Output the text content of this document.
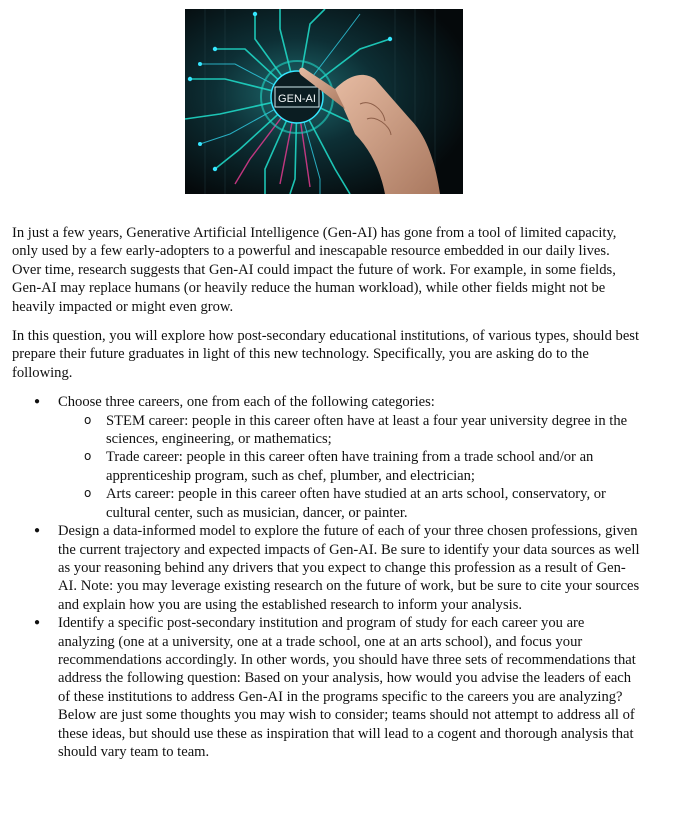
GEN-AI

In just a few years, Generative Artificial Intelligence (Gen-AI) has gone from a tool of limited capacity, only used by a few early-adopters to a powerful and inescapable resource embedded in our daily lives. Over time, research suggests that Gen-AI could impact the future of work. For example, in some fields, Gen-AI may replace humans (or heavily reduce the human workload), while other fields might not be heavily impacted or might even grow.

In this question, you will explore how post-secondary educational institutions, of various types, should best prepare their future graduates in light of this new technology. Specifically, you are asking do to the following.

● Choose three careers, one from each of the following categories:
o STEM career: people in this career often have at least a four year university degree in the sciences, engineering, or mathematics;
o Trade career: people in this career often have training from a trade school and/or an apprenticeship program, such as chef, plumber, and electrician;
o Arts career: people in this career often have studied at an arts school, conservatory, or cultural center, such as musician, dancer, or painter.
● Design a data-informed model to explore the future of each of your three chosen professions, given the current trajectory and expected impacts of Gen-AI. Be sure to identify your data sources as well as your reasoning behind any drivers that you expect to change this profession as a result of Gen-AI. Note: you may leverage existing research on the future of work, but be sure to cite your sources and explain how you are using the established research to inform your analysis.
● Identify a specific post-secondary institution and program of study for each career you are analyzing (one at a university, one at a trade school, one at an arts school), and focus your recommendations accordingly. In other words, you should have three sets of recommendations that address the following question: Based on your analysis, how would you advise the leaders of each of these institutions to address Gen-AI in the programs specific to the careers you are analyzing?
Below are just some thoughts you may wish to consider; teams should not attempt to address all of these ideas, but should use these as inspiration that will lead to a cogent and thorough analysis that should vary team to team.
